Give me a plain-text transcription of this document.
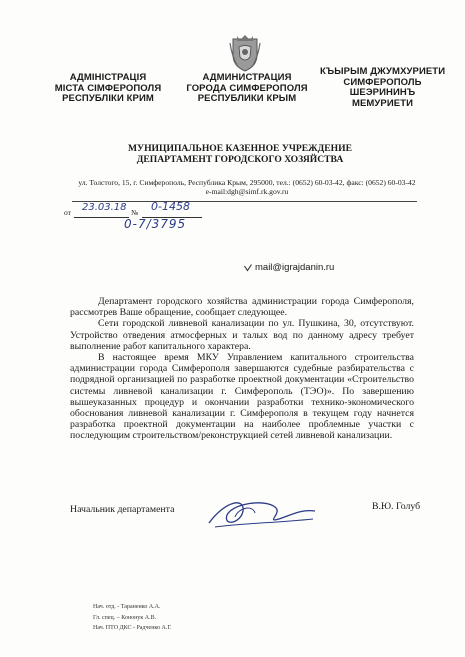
АДМІНІСТРАЦІЯ
МІСТА СІМФЕРОПОЛЯ
РЕСПУБЛІКИ КРИМ
АДМИНИСТРАЦИЯ
ГОРОДА СИМФЕРОПОЛЯ
РЕСПУБЛИКИ КРЫМ
КЪЫРЫМ ДЖУМХУРИЕТИ
СИМФЕРОПОЛЬ
ШЕЭРИНИНЪ
МЕМУРИЕТИ
МУНИЦИПАЛЬНОЕ КАЗЕННОЕ УЧРЕЖДЕНИЕ
ДЕПАРТАМЕНТ ГОРОДСКОГО ХОЗЯЙСТВА
ул. Толстого, 15, г. Симферополь, Республика Крым, 295000, тел.: (0652) 60-03-42, факс: (0652) 60-03-42
e-mail:dgh@simf.rk.gov.ru
от	№
23.03.18 0-1458
0-7/3795
mail@igrajdanin.ru

Департамент городского хозяйства администрации города Симферополя, рассмотрев Ваше обращение, сообщает следующее.

Сети городской ливневой канализации по ул. Пушкина, 30, отсутствуют. Устройство отведения атмосферных и талых вод по данному адресу требует выполнение работ капитального характера.

В настоящее время МКУ Управлением капитального строительства администрации города Симферополя завершаются судебные разбирательства с подрядной организацией по разработке проектной документации «Строительство системы ливневой канализации г. Симферополь (ТЭО)». По завершению вышеуказанных процедур и окончании разработки технико-экономического обоснования ливневой канализации г. Симферополя в текущем году начнется разработка проектной документации на наиболее проблемные участки с последующим строительством/реконструкцией сетей ливневой канализации.

Начальник департамента	В.Ю. Голуб
Нач. отд. - Тараненко А.А.
Гл. спец. – Кононук А.В.
Нач. ПТО ДКС - Радченко А.Г.
